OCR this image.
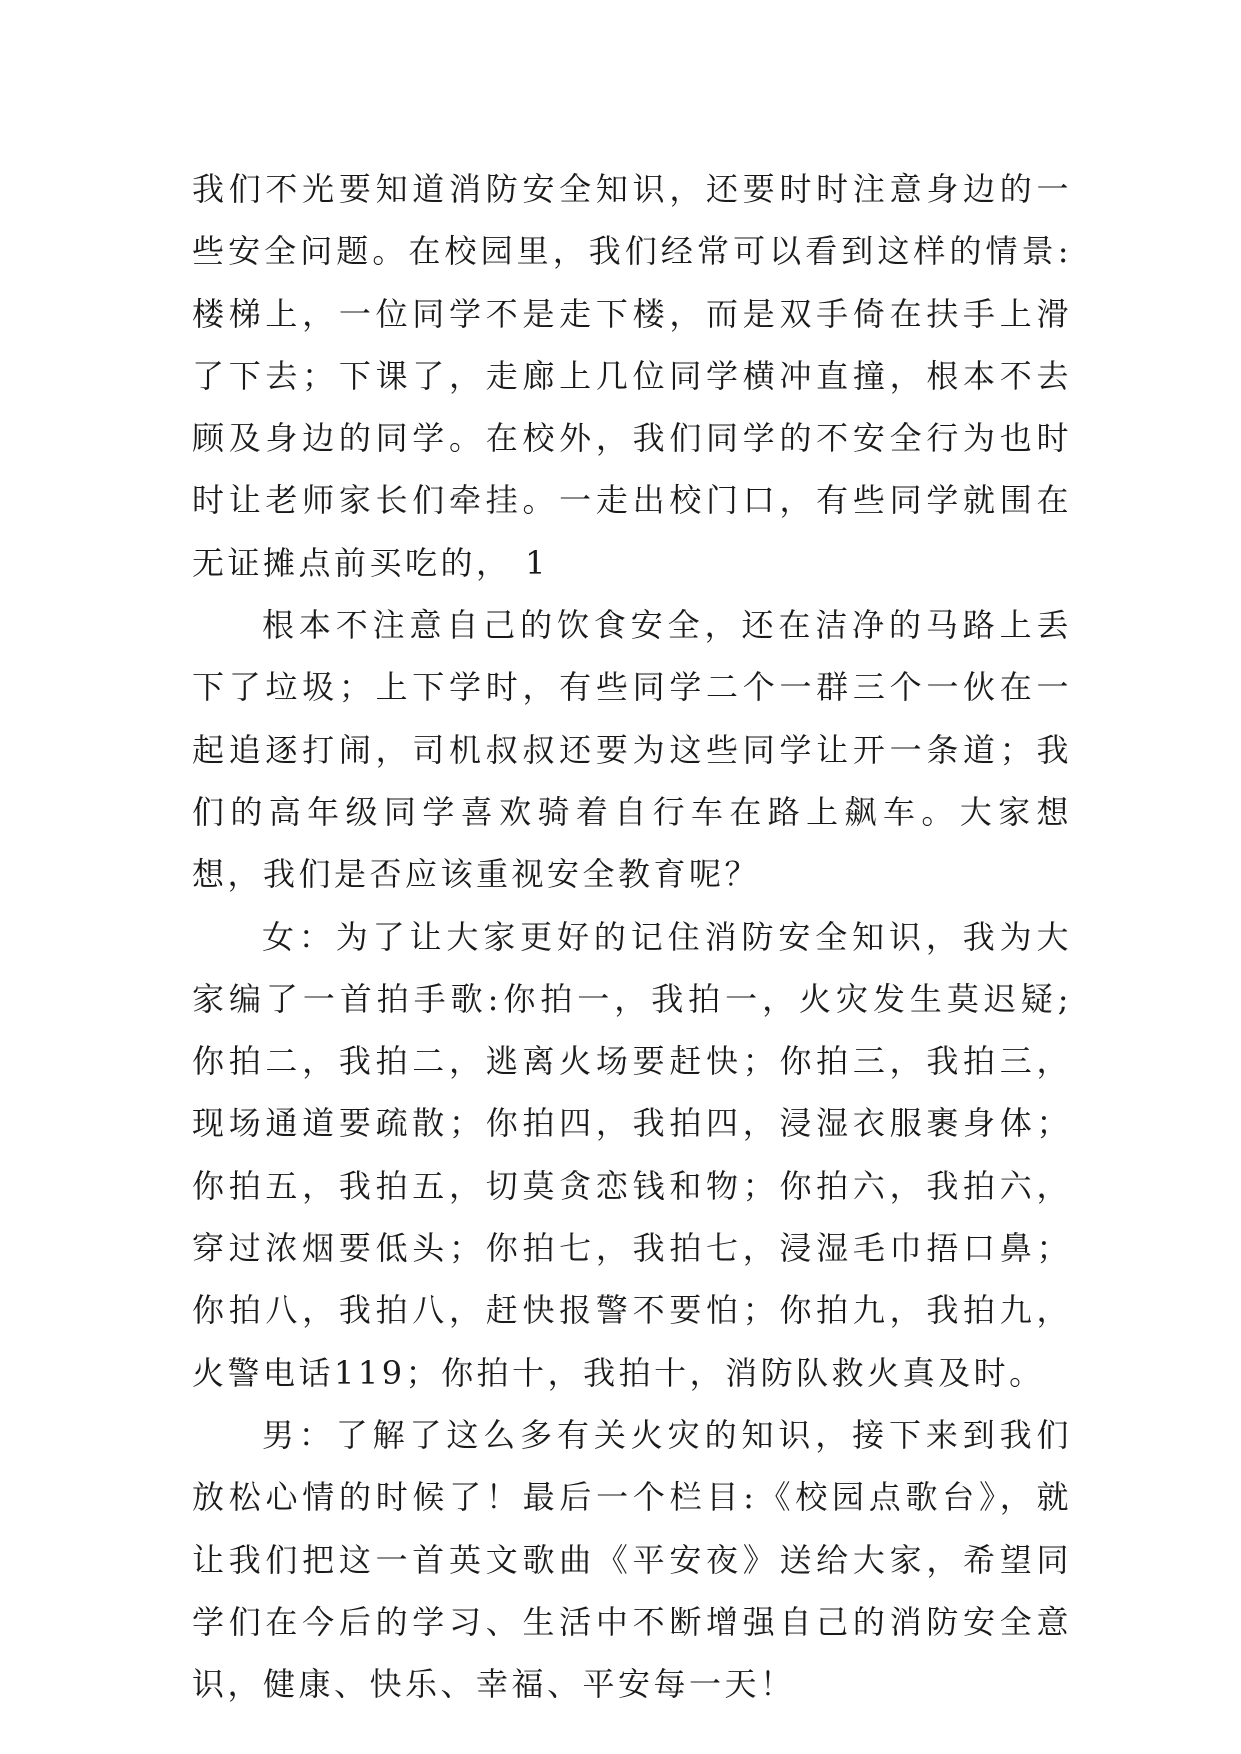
我们不光要知道消防安全知识，还要时时注意身边的一些安全问题。在校园里，我们经常可以看到这样的情景:楼梯上，一位同学不是走下楼，而是双手倚在扶手上滑了下去；下课了，走廊上几位同学横冲直撞，根本不去顾及身边的同学。在校外，我们同学的不安全行为也时时让老师家长们牵挂。一走出校门口，有些同学就围在无证摊点前买吃的， 1

根本不注意自己的饮食安全，还在洁净的马路上丢下了垃圾；上下学时，有些同学二个一群三个一伙在一起追逐打闹，司机叔叔还要为这些同学让开一条道；我们的高年级同学喜欢骑着自行车在路上飙车。大家想想，我们是否应该重视安全教育呢？

女：为了让大家更好的记住消防安全知识，我为大家编了一首拍手歌:你拍一，我拍一，火灾发生莫迟疑;你拍二，我拍二，逃离火场要赶快；你拍三，我拍三，现场通道要疏散；你拍四，我拍四，浸湿衣服裹身体；你拍五，我拍五，切莫贪恋钱和物；你拍六，我拍六，穿过浓烟要低头；你拍七，我拍七，浸湿毛巾捂口鼻；你拍八，我拍八，赶快报警不要怕；你拍九，我拍九，火警电话119；你拍十，我拍十，消防队救火真及时。

男：了解了这么多有关火灾的知识，接下来到我们放松心情的时候了！最后一个栏目:《校园点歌台》，就让我们把这一首英文歌曲《平安夜》送给大家，希望同学们在今后的学习、生活中不断增强自己的消防安全意识，健康、快乐、幸福、平安每一天！
